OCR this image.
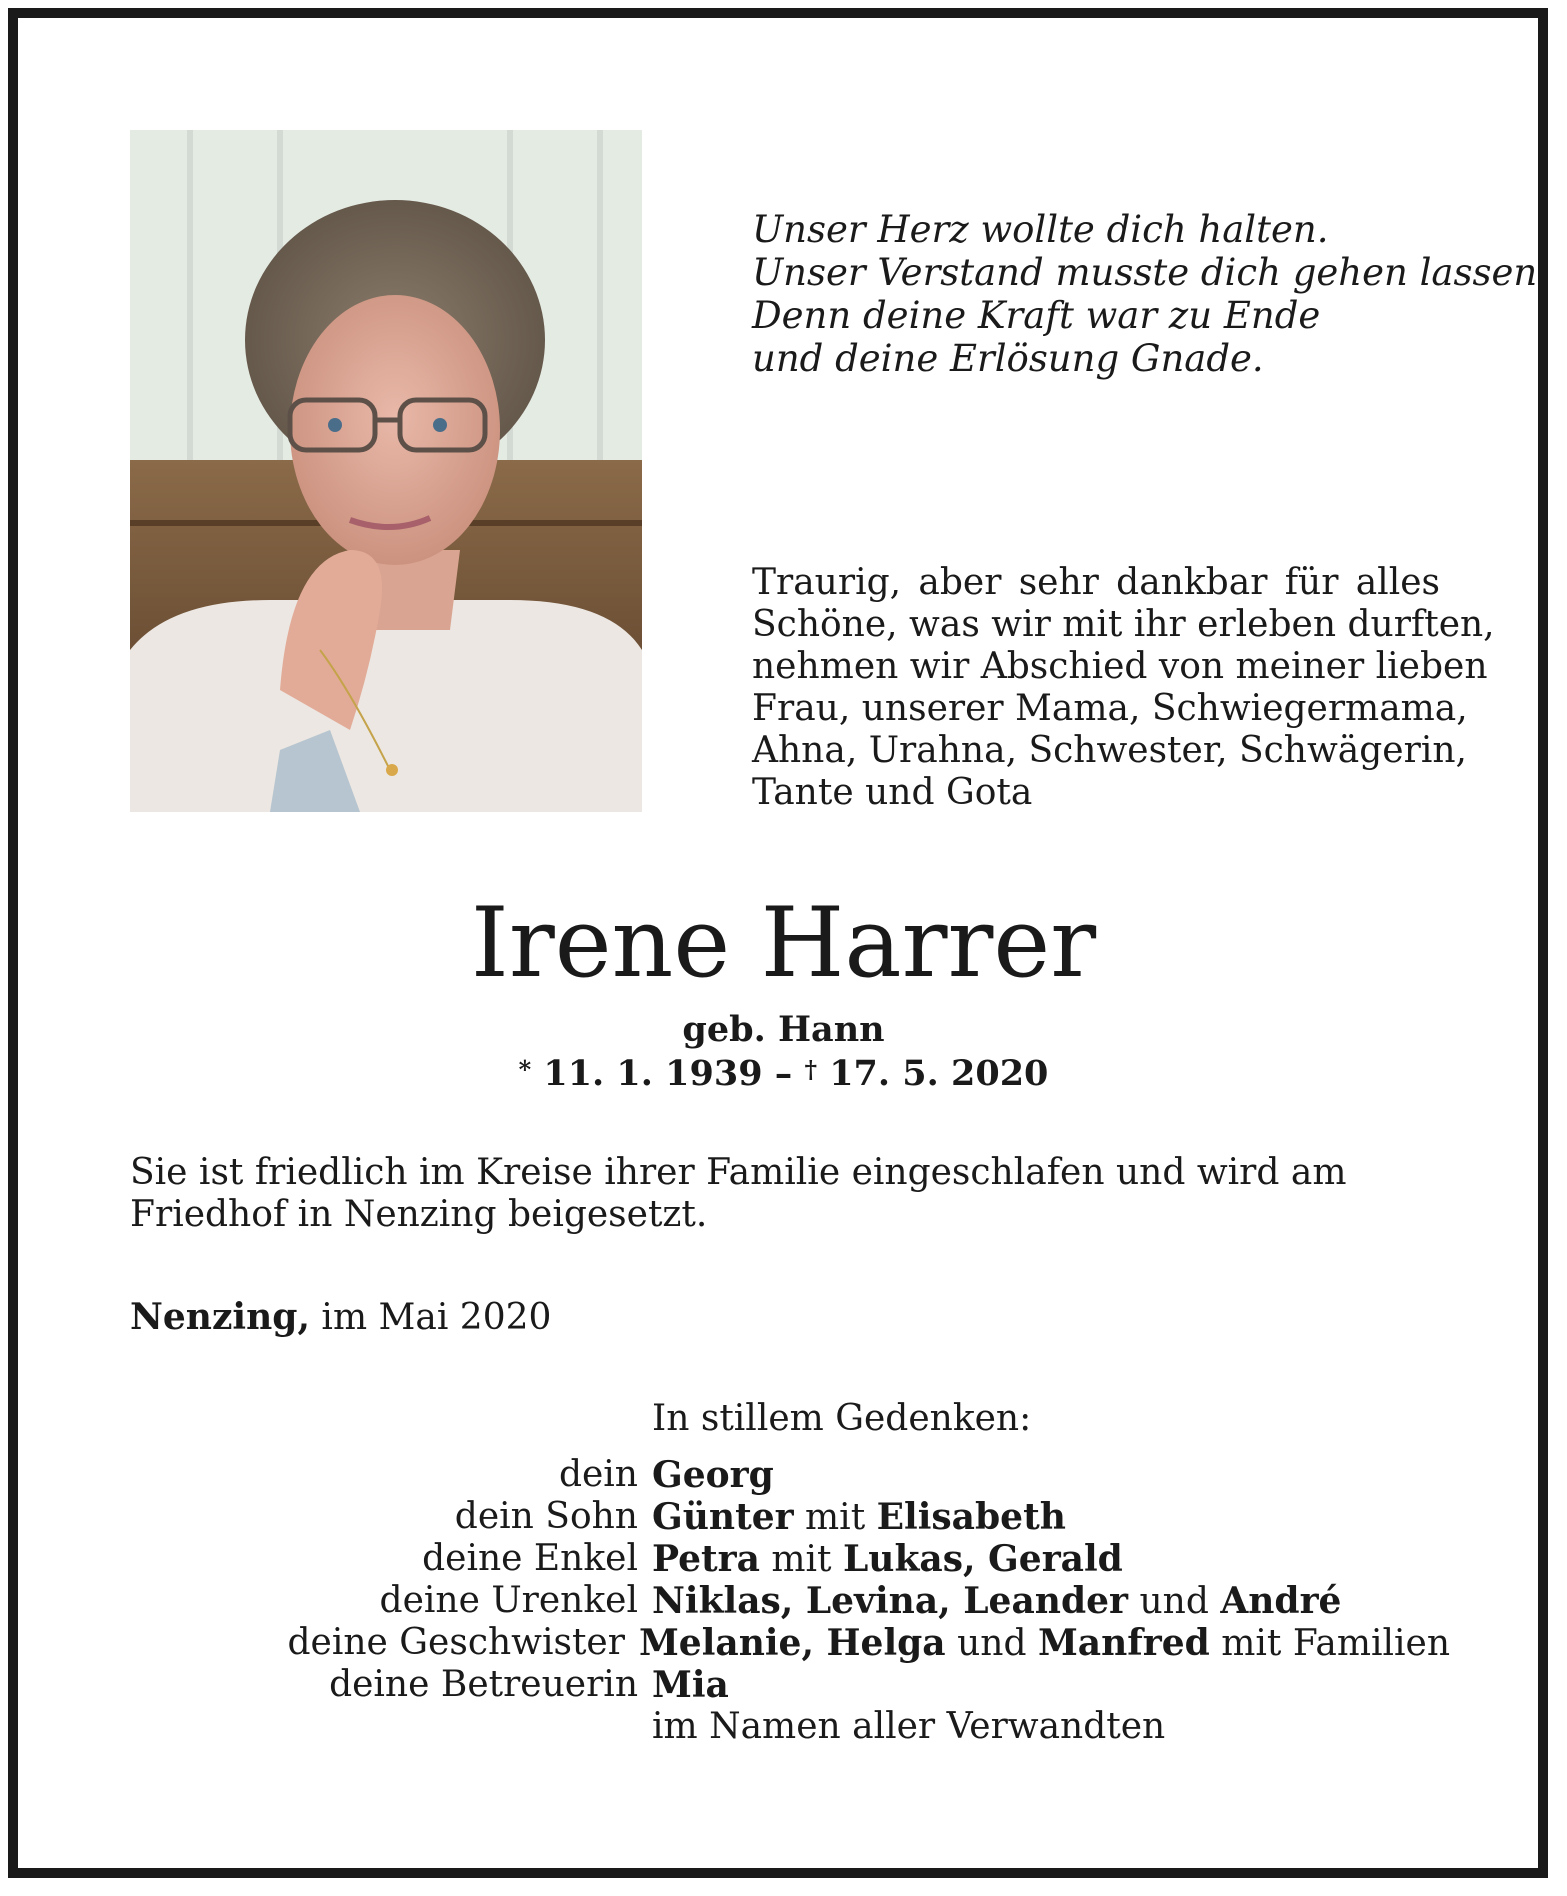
Unser Herz wollte dich halten.
Unser Verstand musste dich gehen lassen.
Denn deine Kraft war zu Ende
und deine Erlösung Gnade.
Traurig, aber sehr dankbar für alles
Schöne, was wir mit ihr erleben durften,
nehmen wir Abschied von meiner lieben
Frau, unserer Mama, Schwiegermama,
Ahna, Urahna, Schwester, Schwägerin,
Tante und Gota
Irene Harrer
geb. Hann
* 11. 1. 1939 – † 17. 5. 2020

Sie ist friedlich im Kreise ihrer Familie eingeschlafen und wird am Friedhof in Nenzing beigesetzt.

Nenzing, im Mai 2020
In stillem Gedenken:
dein Georg
dein Sohn Günter mit Elisabeth
deine Enkel Petra mit Lukas, Gerald
deine Urenkel Niklas, Levina, Leander und André
deine Geschwister Melanie, Helga und Manfred mit Familien
deine Betreuerin Mia
im Namen aller Verwandten
